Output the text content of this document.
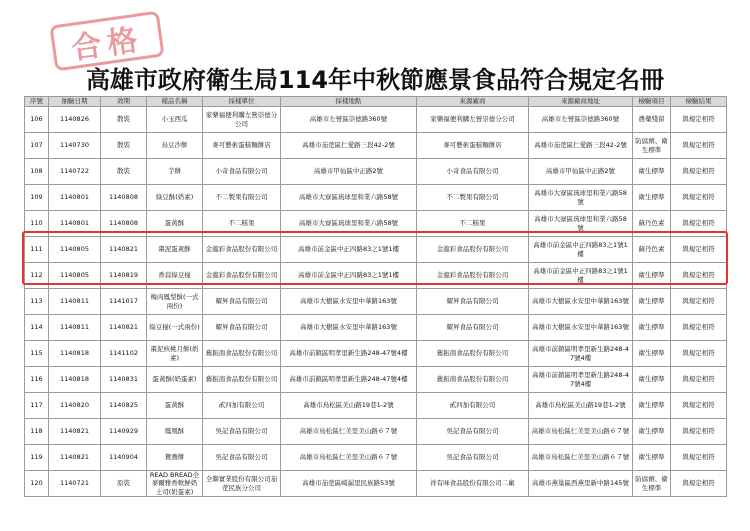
合格
高雄市政府衛生局114年中秋節應景食品符合規定名冊
序號	抽驗日期	效期	樣品名稱	採樣單位	採樣地點	來源廠商	來源廠商地址	檢驗項目	檢驗結果
106	1140826	散裝	小玉西瓜	家樂福便利購左營崇德分公司	高雄市左營區崇德路360號	家樂福便利購左營崇德分公司	高雄市左營區崇德路360號	農藥殘留	與規定相符
107	1140730	散裝	烏豆沙餅	麥可藝術蛋糕麵餅店	高雄市茄萣區仁愛路三段42-2號	麥可藝術蛋糕麵餅店	高雄市茄萣區仁愛路三段42-2號	防腐劑、衛生標準	與規定相符
108	1140722	散裝	芋餅	小奇食品有限公司	高雄市甲仙區中正路2號	小奇食品有限公司	高雄市甲仙區中正路2號	衛生標準	與規定相符
109	1140801	1140808	綠豆酥(奶素)	不二製果有限公司	高雄市大寮區琉球里和業六路58號	不二製果有限公司	高雄市大寮區琉球里和業六路58號	衛生標準	與規定相符
110	1140801	1140808	蛋黃酥	不二糕果	高雄市大寮區琉球里和業六路58號	不二糕果	高雄市大寮區琉球里和業六路58號	蘇丹色素	與規定相符
111	1140805	1140821	棗泥蛋黃酥	金龍彩食品股份有限公司	高雄市前金區中正四路83之1號1樓	金龍彩食品股份有限公司	高雄市前金區中正四路83之1號1樓	蘇丹色素	與規定相符
112	1140805	1140819	香蒜綠豆椪	金龍彩食品股份有限公司	高雄市前金區中正四路83之1號1樓	金龍彩食品股份有限公司	高雄市前金區中正四路83之1號1樓	衛生標準	與規定相符
113	1140811	1141017	梅肉鳳梨酥(一式兩份)	耀昇食品有限公司	高雄市大樹區水安里中華路163號	耀昇食品有限公司	高雄市大樹區水安里中華路163號	衛生標準	與規定相符
114	1140811	1140821	綠豆椪(一式兩份)	耀昇食品有限公司	高雄市大樹區水安里中華路163號	耀昇食品有限公司	高雄市大樹區水安里中華路163號	衛生標準	與規定相符
115	1140818	1141102	棗泥核桃月餅(奶素)	舊振南食品股份有限公司	高雄市前鎮區明孝里新生路248-47號4樓	舊振南食品股份有限公司	高雄市前鎮區明孝里新生路248-47號4樓	衛生標準	與規定相符
116	1140818	1140831	蛋黃酥(奶蛋素)	舊振南食品股份有限公司	高雄市前鎮區明孝里新生路248-47號4樓	舊振南食品股份有限公司	高雄市前鎮區明孝里新生路248-47號4樓	衛生標準	與規定相符
117	1140820	1140825	蛋黃酥	貳四加有限公司	高雄市鳥松區美山路19巷1-2號	貳四加有限公司	高雄市鳥松區美山路19巷1-2號	衛生標準	與規定相符
118	1140821	1140929	鳳凰酥	吳記食品有限公司	高雄市鳥松區仁美里美山路６７號	吳記食品有限公司	高雄市鳥松區仁美里美山路６７號	衛生標準	與規定相符
119	1140821	1140904	鴛鴦餅	吳記食品有限公司	高雄市鳥松區仁美里美山路６７號	吳記食品有限公司	高雄市鳥松區仁美里美山路６７號	衛生標準	與規定相符
120	1140721	原裝	READ BREAD全麥爾雅香軟鮮奶土司(奶蛋素)	全聯實業股份有限公司茄萣民族分公司	高雄市茄萣區崎漏里民族路53號	祥有味食品股份有限公司二廠	高雄市燕巢區西燕里新中路145號	防腐劑、衛生標準	與規定相符
